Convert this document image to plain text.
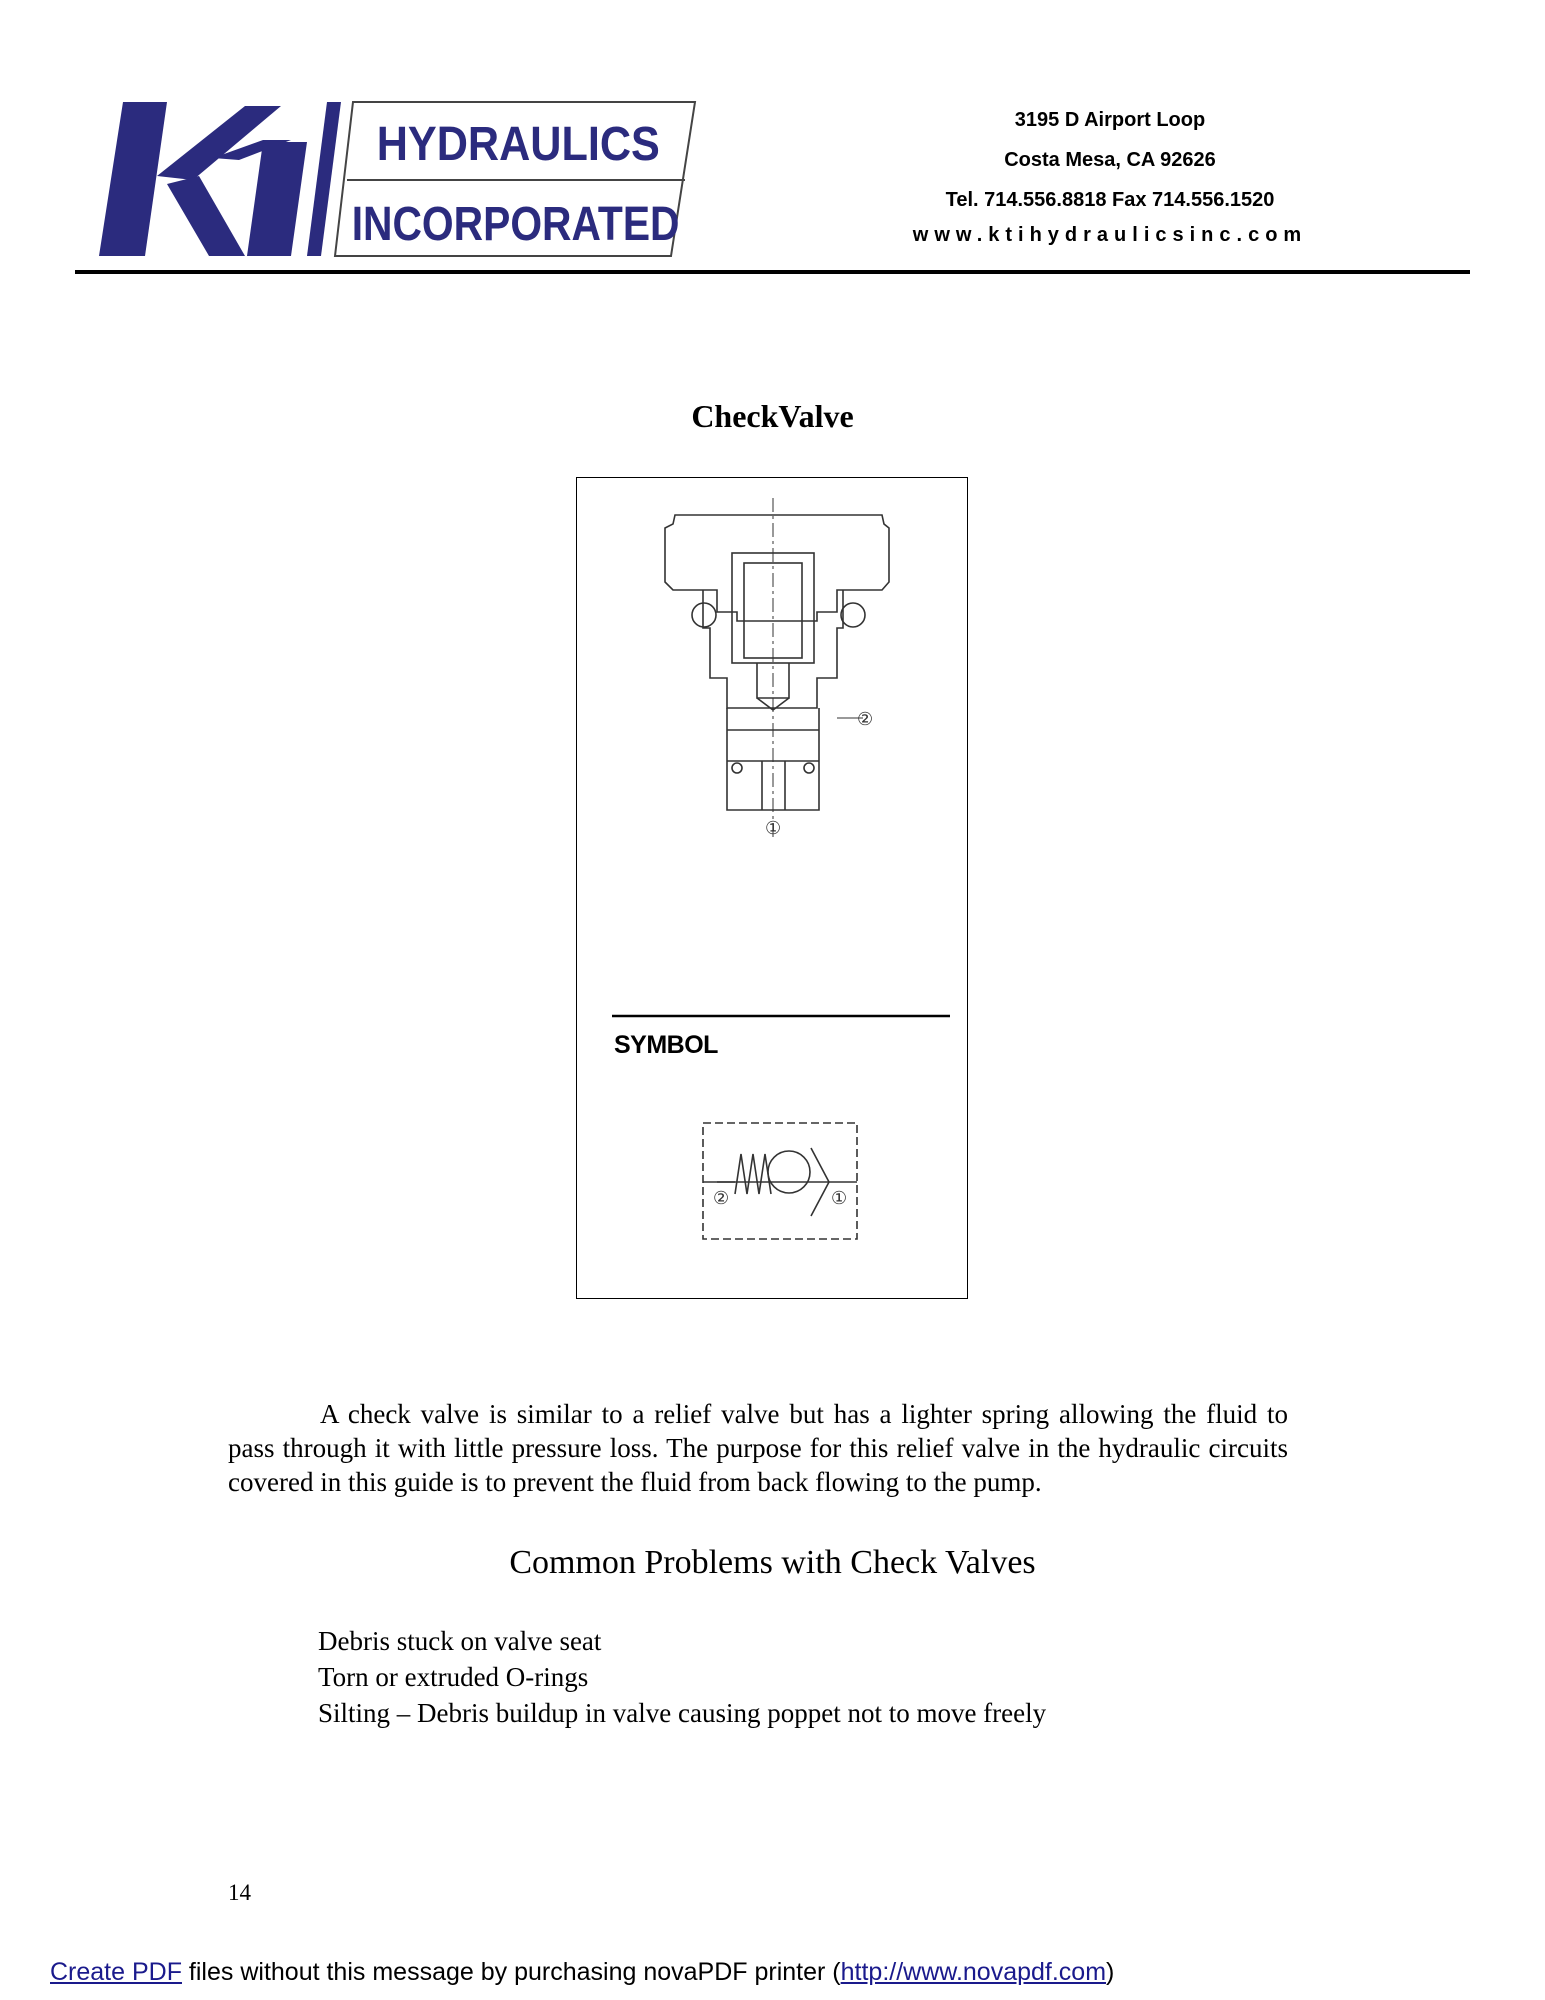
KTI
HYDRAULICS
INCORPORATED
3195 D Airport Loop
Costa Mesa, CA 92626
Tel. 714.556.8818 Fax 714.556.1520
www.ktihydraulicsinc.com
CheckValve
②
①
②	①
SYMBOL

A check valve is similar to a relief valve but has a lighter spring allowing the fluid to pass through it with little pressure loss. The purpose for this relief valve in the hydraulic circuits covered in this guide is to prevent the fluid from back flowing to the pump.

Common Problems with Check Valves
Debris stuck on valve seat
Torn or extruded O-rings
Silting – Debris buildup in valve causing poppet not to move freely
14
Create PDF files without this message by purchasing novaPDF printer (http://www.novapdf.com)
